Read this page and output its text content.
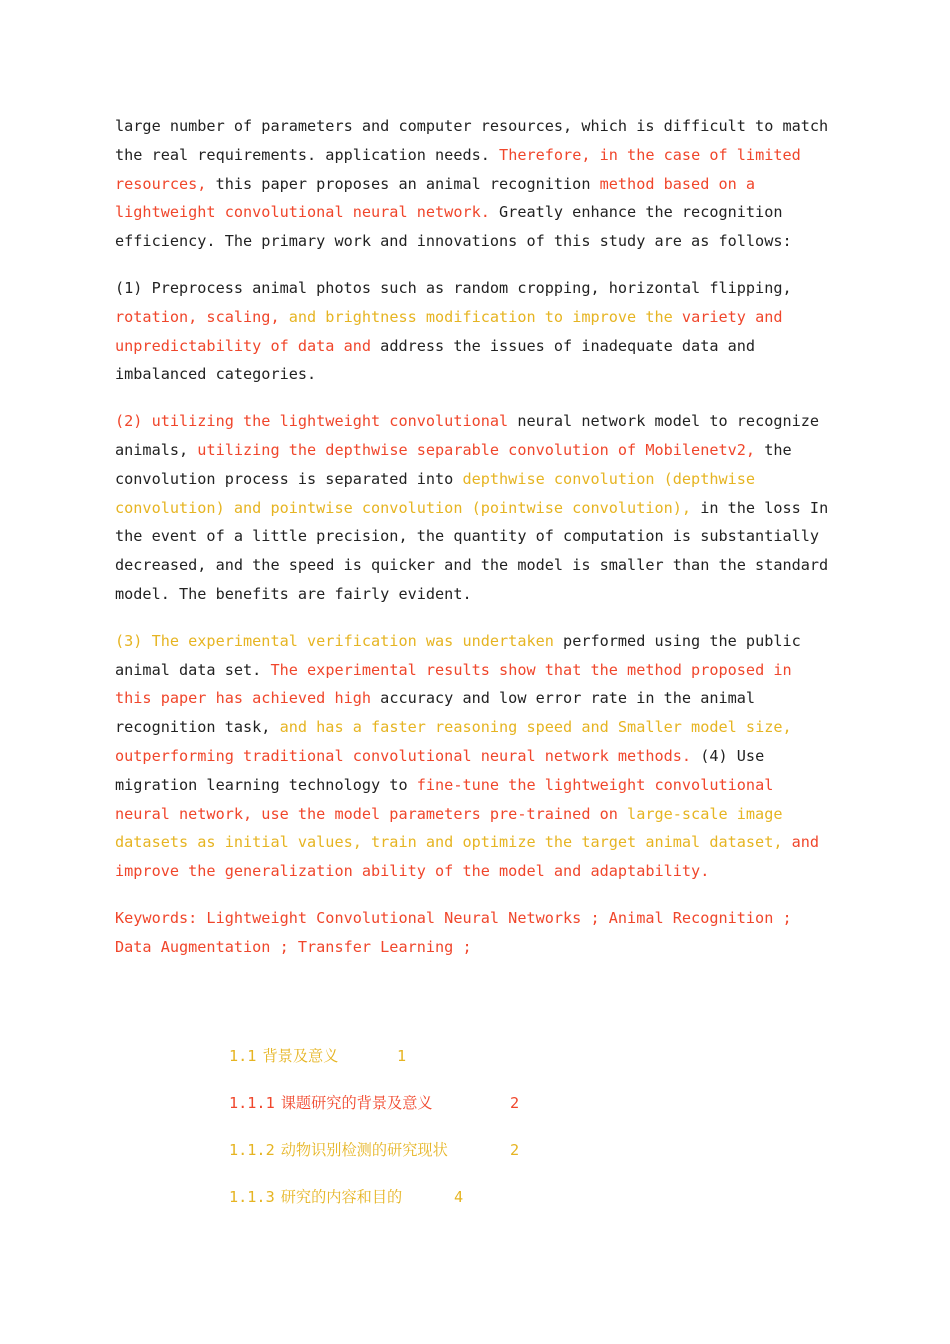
large number of parameters and computer resources, which is difficult to match the real requirements. application needs. Therefore, in the case of limited resources, this paper proposes an animal recognition method based on a lightweight convolutional neural network. Greatly enhance the recognition efficiency. The primary work and innovations of this study are as follows:

(1) Preprocess animal photos such as random cropping, horizontal flipping, rotation, scaling, and brightness modification to improve the variety and unpredictability of data and address the issues of inadequate data and imbalanced categories.

(2) utilizing the lightweight convolutional neural network model to recognize animals, utilizing the depthwise separable convolution of Mobilenetv2, the convolution process is separated into depthwise convolution (depthwise convolution) and pointwise convolution (pointwise convolution), in the loss In the event of a little precision, the quantity of computation is substantially decreased, and the speed is quicker and the model is smaller than the standard model. The benefits are fairly evident.

(3) The experimental verification was undertaken performed using the public animal data set. The experimental results show that the method proposed in this paper has achieved high accuracy and low error rate in the animal recognition task, and has a faster reasoning speed and Smaller model size, outperforming traditional convolutional neural network methods. (4) Use migration learning technology to fine-tune the lightweight convolutional neural network, use the model parameters pre-trained on large-scale image datasets as initial values, train and optimize the target animal dataset, and improve the generalization ability of the model and adaptability.

Keywords: Lightweight Convolutional Neural Networks ; Animal Recognition ; Data Augmentation ; Transfer Learning ;
1.1 背景及意义	1
1.1.1课题研究的背景及意义	2
1.1.2 动物识别检测的研究现状	2
1.1.3 研究的内容和目的	4
